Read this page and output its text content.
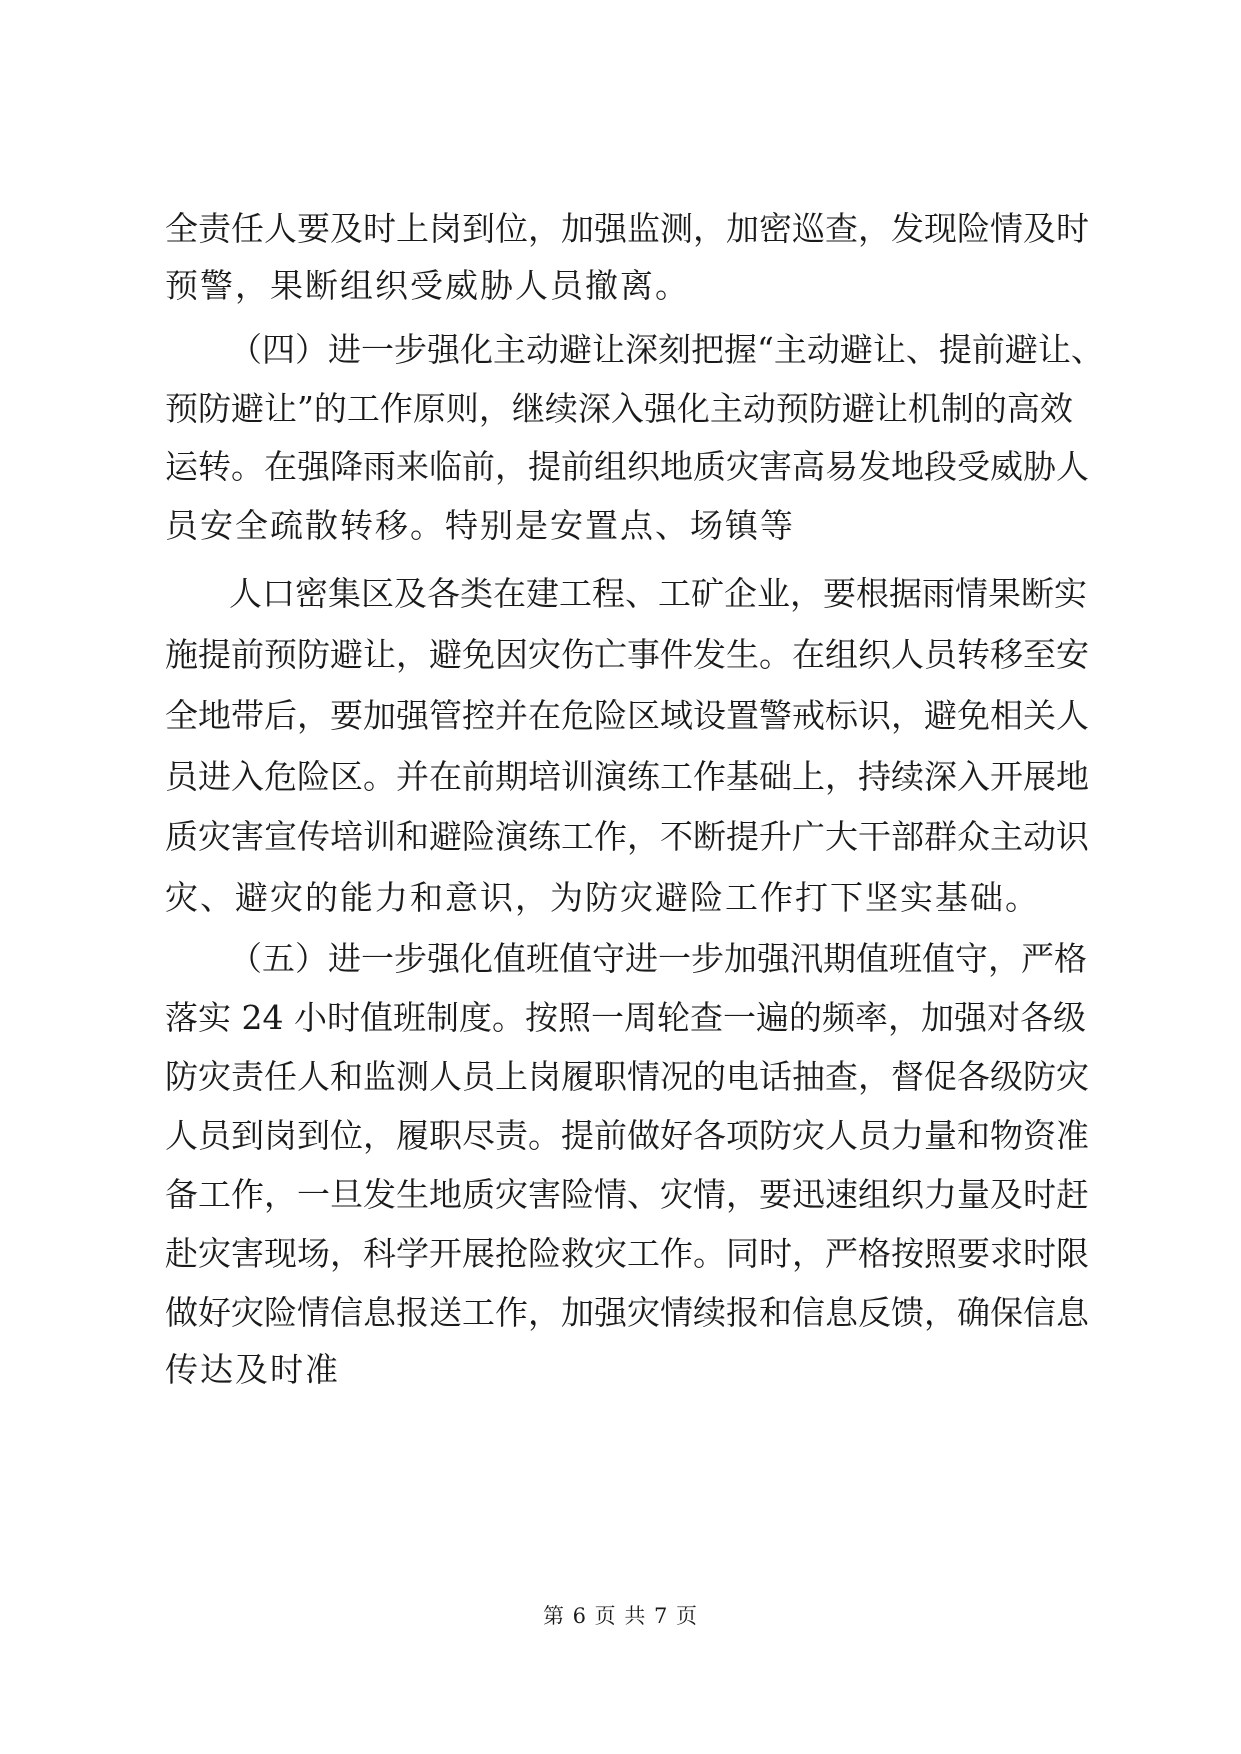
全责任人要及时上岗到位，加强监测，加密巡查，发现险情及时
预警，果断组织受威胁人员撤离。
（四）进一步强化主动避让深刻把握“主动避让、提前避让、
预防避让”的工作原则，继续深入强化主动预防避让机制的高效
运转。在强降雨来临前，提前组织地质灾害高易发地段受威胁人
员安全疏散转移。特别是安置点、场镇等
人口密集区及各类在建工程、工矿企业，要根据雨情果断实
施提前预防避让，避免因灾伤亡事件发生。在组织人员转移至安
全地带后，要加强管控并在危险区域设置警戒标识，避免相关人
员进入危险区。并在前期培训演练工作基础上，持续深入开展地
质灾害宣传培训和避险演练工作，不断提升广大干部群众主动识
灾、避灾的能力和意识，为防灾避险工作打下坚实基础。
（五）进一步强化值班值守进一步加强汛期值班值守，严格
落实 24 小时值班制度。按照一周轮查一遍的频率，加强对各级
防灾责任人和监测人员上岗履职情况的电话抽查，督促各级防灾
人员到岗到位，履职尽责。提前做好各项防灾人员力量和物资准
备工作，一旦发生地质灾害险情、灾情，要迅速组织力量及时赶
赴灾害现场，科学开展抢险救灾工作。同时，严格按照要求时限
做好灾险情信息报送工作，加强灾情续报和信息反馈，确保信息
传达及时准
第 6 页 共 7 页
